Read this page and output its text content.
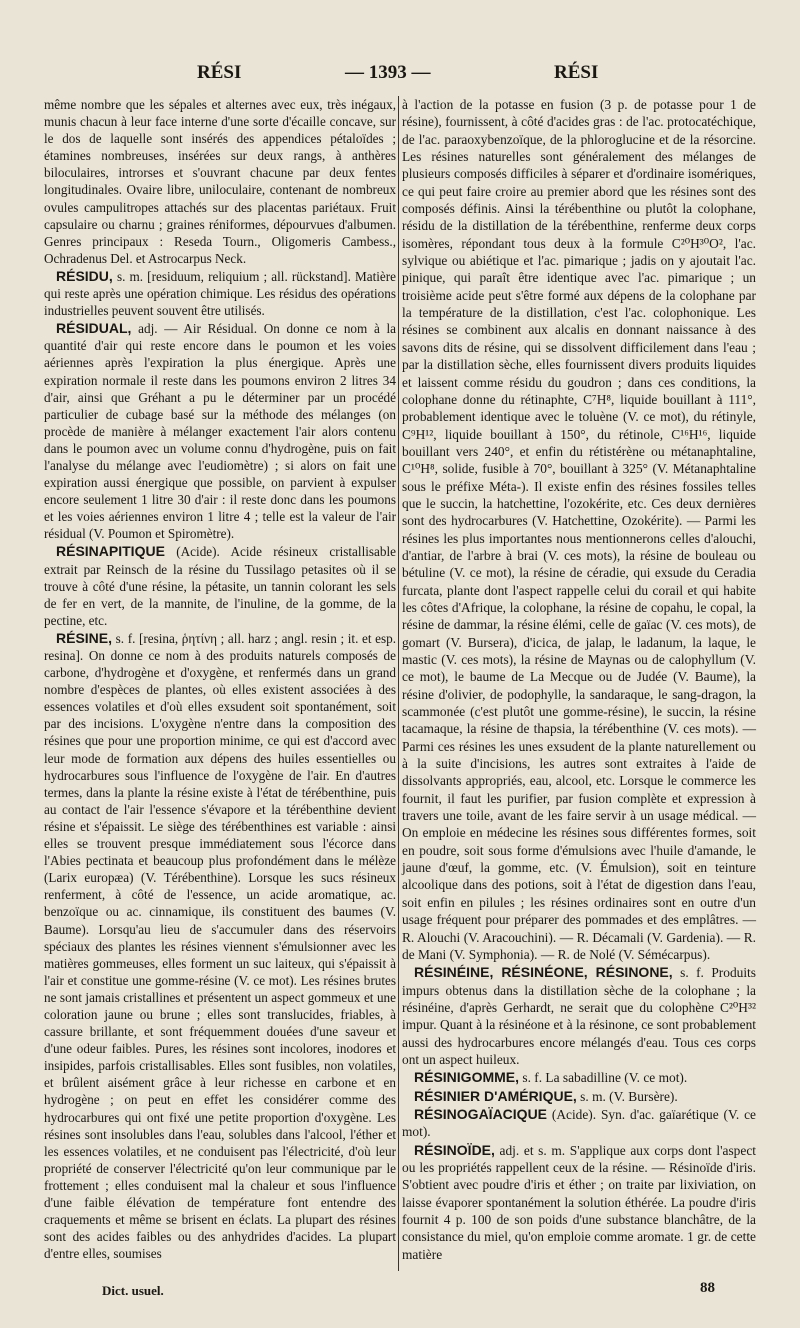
RÉSI	— 1393 —	RÉSI

même nombre que les sépales et alternes avec eux, très inégaux, munis chacun à leur face interne d'une sorte d'écaille concave, sur le dos de laquelle sont insérés des appendices pétaloïdes ; étamines nombreuses, insérées sur deux rangs, à anthères biloculaires, introrses et s'ouvrant chacune par deux fentes longitudinales. Ovaire libre, uniloculaire, contenant de nombreux ovules campulitropes attachés sur des placentas pariétaux. Fruit capsulaire ou charnu ; graines réniformes, dépourvues d'albumen. Genres principaux : Reseda Tourn., Oligomeris Cambess., Ochradenus Del. et Astrocarpus Neck.

RÉSIDU, s. m. [residuum, reliquium ; all. rückstand]. Matière qui reste après une opération chimique. Les résidus des opérations industrielles peuvent souvent être utilisés.

RÉSIDUAL, adj. — Air Résidual. On donne ce nom à la quantité d'air qui reste encore dans le poumon et les voies aériennes après l'expiration la plus énergique. Après une expiration normale il reste dans les poumons environ 2 litres 34 d'air, ainsi que Gréhant a pu le déterminer par un procédé particulier de cubage basé sur la méthode des mélanges (on procède de manière à mélanger exactement l'air alors contenu dans le poumon avec un volume connu d'hydrogène, puis on fait l'analyse du mélange avec l'eudiomètre) ; si alors on fait une expiration aussi énergique que possible, on parvient à expulser encore seulement 1 litre 30 d'air : il reste donc dans les poumons et les voies aériennes environ 1 litre 4 ; telle est la valeur de l'air résidual (V. Poumon et Spiromètre).

RÉSINAPITIQUE (Acide). Acide résineux cristallisable extrait par Reinsch de la résine du Tussilago petasites où il se trouve à côté d'une résine, la pétasite, un tannin colorant les sels de fer en vert, de la mannite, de l'inuline, de la gomme, de la pectine, etc.

RÉSINE, s. f. [resina, ῥητίνη ; all. harz ; angl. resin ; it. et esp. resina]. On donne ce nom à des produits naturels composés de carbone, d'hydrogène et d'oxygène, et renfermés dans un grand nombre d'espèces de plantes, où elles existent associées à des essences volatiles et d'où elles exsudent soit spontanément, soit par des incisions. L'oxygène n'entre dans la composition des résines que pour une proportion minime, ce qui est d'accord avec leur mode de formation aux dépens des huiles essentielles ou hydrocarbures sous l'influence de l'oxygène de l'air. En d'autres termes, dans la plante la résine existe à l'état de térébenthine, puis au contact de l'air l'essence s'évapore et la térébenthine devient résine et s'épaissit. Le siège des térébenthines est variable : ainsi elles se trouvent presque immédiatement sous l'écorce dans l'Abies pectinata et beaucoup plus profondément dans le mélèze (Larix europæa) (V. Térébenthine). Lorsque les sucs résineux renferment, à côté de l'essence, un acide aromatique, ac. benzoïque ou ac. cinnamique, ils constituent des baumes (V. Baume). Lorsqu'au lieu de s'accumuler dans des réservoirs spéciaux des plantes les résines viennent s'émulsionner avec les matières gommeuses, elles forment un suc laiteux, qui s'épaissit à l'air et constitue une gomme-résine (V. ce mot). Les résines brutes ne sont jamais cristallines et présentent un aspect gommeux et une coloration jaune ou brune ; elles sont translucides, friables, à cassure brillante, et sont fréquemment douées d'une saveur et d'une odeur faibles. Pures, les résines sont incolores, inodores et insipides, parfois cristallisables. Elles sont fusibles, non volatiles, et brûlent aisément grâce à leur richesse en carbone et en hydrogène ; on peut en effet les considérer comme des hydrocarbures qui ont fixé une petite proportion d'oxygène. Les résines sont insolubles dans l'eau, solubles dans l'alcool, l'éther et les essences volatiles, et ne conduisent pas l'électricité, d'où leur propriété de conserver l'électricité qu'on leur communique par le frottement ; elles conduisent mal la chaleur et sous l'influence d'une faible élévation de température font entendre des craquements et même se brisent en éclats. La plupart des résines sont des acides faibles ou des anhydrides d'acides. La plupart d'entre elles, soumises

à l'action de la potasse en fusion (3 p. de potasse pour 1 de résine), fournissent, à côté d'acides gras : de l'ac. protocatéchique, de l'ac. paraoxybenzoïque, de la phloroglucine et de la résorcine. Les résines naturelles sont généralement des mélanges de plusieurs composés difficiles à séparer et d'ordinaire isomériques, ce qui peut faire croire au premier abord que les résines sont des composés définis. Ainsi la térébenthine ou plutôt la colophane, résidu de la distillation de la térébenthine, renferme deux corps isomères, répondant tous deux à la formule C²⁰H³⁰O², l'ac. sylvique ou abiétique et l'ac. pimarique ; jadis on y ajoutait l'ac. pinique, qui paraît être identique avec l'ac. pimarique ; un troisième acide peut s'être formé aux dépens de la colophane par la température de la distillation, c'est l'ac. colophonique. Les résines se combinent aux alcalis en donnant naissance à des savons dits de résine, qui se dissolvent difficilement dans l'eau ; par la distillation sèche, elles fournissent divers produits liquides et laissent comme résidu du goudron ; dans ces conditions, la colophane donne du rétinaphte, C⁷H⁸, liquide bouillant à 111°, probablement identique avec le toluène (V. ce mot), du rétinyle, C⁹H¹², liquide bouillant à 150°, du rétinole, C¹⁶H¹⁶, liquide bouillant vers 240°, et enfin du rétistérène ou métanaphtaline, C¹⁰H⁸, solide, fusible à 70°, bouillant à 325° (V. Métanaphtaline sous le préfixe Méta-). Il existe enfin des résines fossiles telles que le succin, la hatchettine, l'ozokérite, etc. Ces deux dernières sont des hydrocarbures (V. Hatchettine, Ozokérite). — Parmi les résines les plus importantes nous mentionnerons celles d'alouchi, d'antiar, de l'arbre à brai (V. ces mots), la résine de bouleau ou bétuline (V. ce mot), la résine de céradie, qui exsude du Ceradia furcata, plante dont l'aspect rappelle celui du corail et qui habite les côtes d'Afrique, la colophane, la résine de copahu, le copal, la résine de dammar, la résine élémi, celle de gaïac (V. ces mots), de gomart (V. Bursera), d'icica, de jalap, le ladanum, la laque, le mastic (V. ces mots), la résine de Maynas ou de calophyllum (V. ce mot), le baume de La Mecque ou de Judée (V. Baume), la résine d'olivier, de podophylle, la sandaraque, le sang-dragon, la scammonée (c'est plutôt une gomme-résine), le succin, la résine tacamaque, la résine de thapsia, la térébenthine (V. ces mots). — Parmi ces résines les unes exsudent de la plante naturellement ou à la suite d'incisions, les autres sont extraites à l'aide de dissolvants appropriés, eau, alcool, etc. Lorsque le commerce les fournit, il faut les purifier, par fusion complète et expression à travers une toile, avant de les faire servir à un usage médical. — On emploie en médecine les résines sous différentes formes, soit en poudre, soit sous forme d'émulsions avec l'huile d'amande, le jaune d'œuf, la gomme, etc. (V. Émulsion), soit en teinture alcoolique dans des potions, soit à l'état de digestion dans l'eau, soit enfin en pilules ; les résines ordinaires sont en outre d'un usage fréquent pour préparer des pommades et des emplâtres. — R. Alouchi (V. Aracouchini). — R. Décamali (V. Gardenia). — R. de Mani (V. Symphonia). — R. de Nolé (V. Sémécarpus).

RÉSINÉINE, RÉSINÉONE, RÉSINONE, s. f. Produits impurs obtenus dans la distillation sèche de la colophane ; la résinéine, d'après Gerhardt, ne serait que du colophène C²⁰H³² impur. Quant à la résinéone et à la résinone, ce sont probablement aussi des hydrocarbures encore mélangés d'eau. Tous ces corps ont un aspect huileux.

RÉSINIGOMME, s. f. La sabadilline (V. ce mot).

RÉSINIER D'AMÉRIQUE, s. m. (V. Bursère).

RÉSINOGAÏACIQUE (Acide). Syn. d'ac. gaïarétique (V. ce mot).

RÉSINOÏDE, adj. et s. m. S'applique aux corps dont l'aspect ou les propriétés rappellent ceux de la résine. — Résinoïde d'iris. S'obtient avec poudre d'iris et éther ; on traite par lixiviation, on laisse évaporer spontanément la solution éthérée. La poudre d'iris fournit 4 p. 100 de son poids d'une substance blanchâtre, de la consistance du miel, qu'on emploie comme aromate. 1 gr. de cette matière

Dict. usuel.	88
